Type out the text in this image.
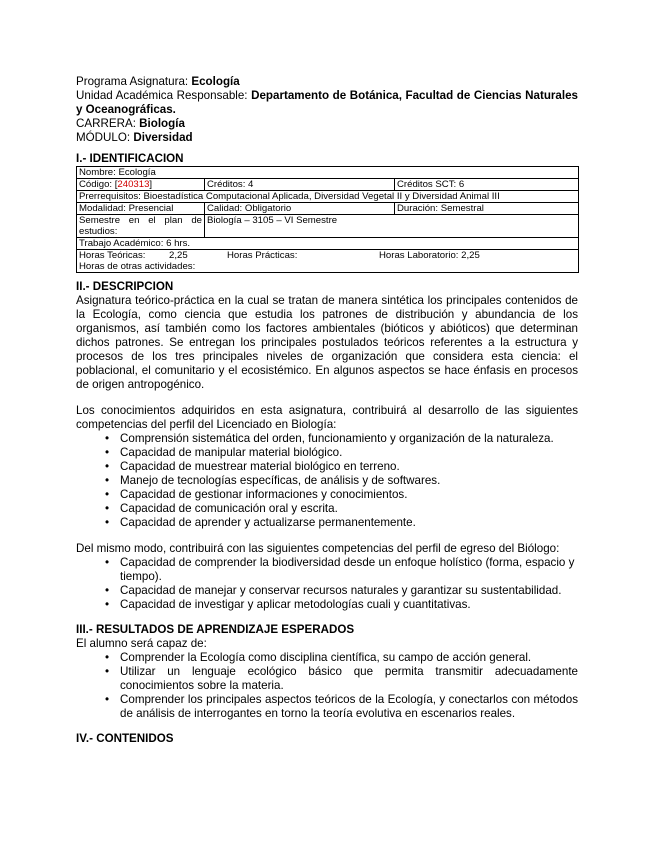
Programa Asignatura: Ecología
Unidad Académica Responsable: Departamento de Botánica, Facultad de Ciencias Naturales y Oceanográficas.
CARRERA: Biología
MÓDULO: Diversidad
I.- IDENTIFICACION
Nombre: Ecología		
Código: [240313]	Créditos: 4	Créditos SCT: 6
Prerrequisitos: Bioestadística Computacional Aplicada, Diversidad Vegetal II y Diversidad Animal III		
Modalidad: Presencial	Calidad: Obligatorio	Duración: Semestral
Semestre en el plan de estudios:	Biología – 3105 – VI Semestre	
Trabajo Académico: 6 hrs.		

Horas Teóricas: 2,25 Horas Prácticas: Horas Laboratorio: 2,25
Horas de otras actividades:		
II.- DESCRIPCION
Asignatura teórico-práctica en la cual se tratan de manera sintética los principales contenidos de la Ecología, como ciencia que estudia los patrones de distribución y abundancia de los organismos, así también como los factores ambientales (bióticos y abióticos) que determinan dichos patrones. Se entregan los principales postulados teóricos referentes a la estructura y procesos de los tres principales niveles de organización que considera esta ciencia: el poblacional, el comunitario y el ecosistémico. En algunos aspectos se hace énfasis en procesos de origen antropogénico.
Los conocimientos adquiridos en esta asignatura, contribuirá al desarrollo de las siguientes competencias del perfil del Licenciado en Biología:
• Comprensión sistemática del orden, funcionamiento y organización de la naturaleza.
• Capacidad de manipular material biológico.
• Capacidad de muestrear material biológico en terreno.
• Manejo de tecnologías específicas, de análisis y de softwares.
• Capacidad de gestionar informaciones y conocimientos.
• Capacidad de comunicación oral y escrita.
• Capacidad de aprender y actualizarse permanentemente.
Del mismo modo, contribuirá con las siguientes competencias del perfil de egreso del Biólogo:
• Capacidad de comprender la biodiversidad desde un enfoque holístico (forma, espacio y tiempo).
• Capacidad de manejar y conservar recursos naturales y garantizar su sustentabilidad.
• Capacidad de investigar y aplicar metodologías cuali y cuantitativas.
III.- RESULTADOS DE APRENDIZAJE ESPERADOS
El alumno será capaz de:
• Comprender la Ecología como disciplina científica, su campo de acción general.
• Utilizar un lenguaje ecológico básico que permita transmitir adecuadamente conocimientos sobre la materia.
• Comprender los principales aspectos teóricos de la Ecología, y conectarlos con métodos de análisis de interrogantes en torno la teoría evolutiva en escenarios reales.
IV.- CONTENIDOS
